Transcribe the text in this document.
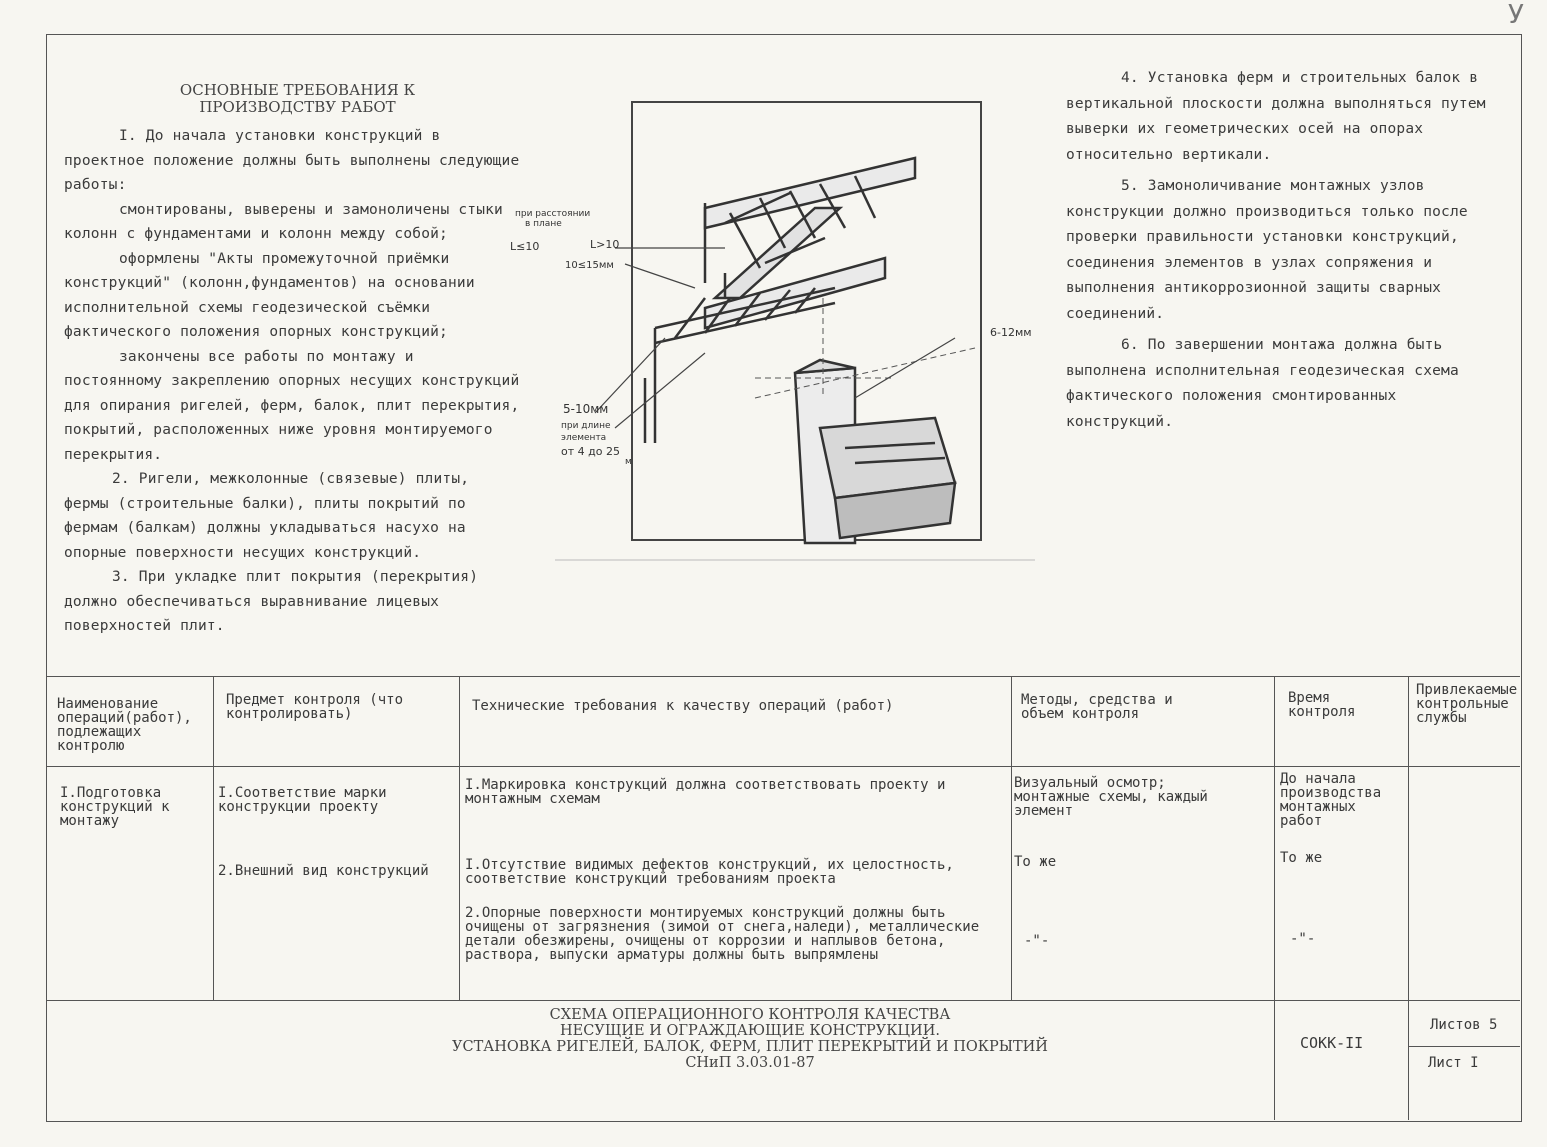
У
ОСНОВНЫЕ ТРЕБОВАНИЯ К ПРОИЗВОДСТВУ РАБОТ

I. До начала установки конструкций в проектное положение должны быть выполнены следующие работы:

смонтированы, выверены и замоноличены стыки колонн с фундаментами и колонн между собой;

оформлены "Акты промежуточной приёмки конструкций" (колонн,фундаментов) на основании исполнительной схемы геодезической съёмки фактического положения опорных конструкций;

закончены все работы по монтажу и постоянному закреплению опорных несущих конструкций для опирания ригелей, ферм, балок, плит перекрытия, покрытий, расположенных ниже уровня монтируемого перекрытия.

2. Ригели, межколонные (связевые) плиты, фермы (строительные балки), плиты покрытий по фермам (балкам) должны укладываться насухо на опорные поверхности несущих конструкций.

3. При укладке плит покрытия (перекрытия) должно обеспечиваться выравнивание лицевых поверхностей плит.

4. Установка ферм и строительных балок в вертикальной плоскости должна выполняться путем выверки их геометрических осей на опорах относительно вертикали.

5. Замоноличивание монтажных узлов конструкции должно производиться только после проверки правильности установки конструкций, соединения элементов в узлах сопряжения и выполнения антикоррозионной защиты сварных соединений.

6. По завершении монтажа должна быть выполнена исполнительная геодезическая схема фактического положения смонтированных конструкций.

при расстоянии
в плане
L≤10	L>10
10≤15мм
6-12мм
5-10мм
при длине
элемента
от 4 до 25
м
Наименование операций(работ), подлежащих контролю
Предмет контроля (что контролировать)	Технические требования к качеству операций (работ)	Методы, средства и объем контроля
Время контроля
Привлекаемые контрольные службы
I.Подготовка конструкций к монтажу
I.Соответствие марки конструкции проекту
I.Маркировка конструкций должна соответствовать проекту и монтажным схемам
Визуальный осмотр; монтажные схемы, каждый элемент
До начала производства монтажных работ
2.Внешний вид конструкций	I.Отсутствие видимых дефектов конструкций, их целостность, соответствие конструкций требованиям проекта
То же	То же
2.Опорные поверхности монтируемых конструкций должны быть очищены от загрязнения (зимой от снега,наледи), металлические детали обезжирены, очищены от коррозии и наплывов бетона, раствора, выпуски арматуры должны быть выпрямлены
-"-	-"-
СХЕМА ОПЕРАЦИОННОГО КОНТРОЛЯ КАЧЕСТВА
НЕСУЩИЕ И ОГРАЖДАЮЩИЕ КОНСТРУКЦИИ.
УСТАНОВКА РИГЕЛЕЙ, БАЛОК, ФЕРМ, ПЛИТ ПЕРЕКРЫТИЙ И ПОКРЫТИЙ
СНиП 3.03.01-87
СОКК-II
Листов 5
Лист I
